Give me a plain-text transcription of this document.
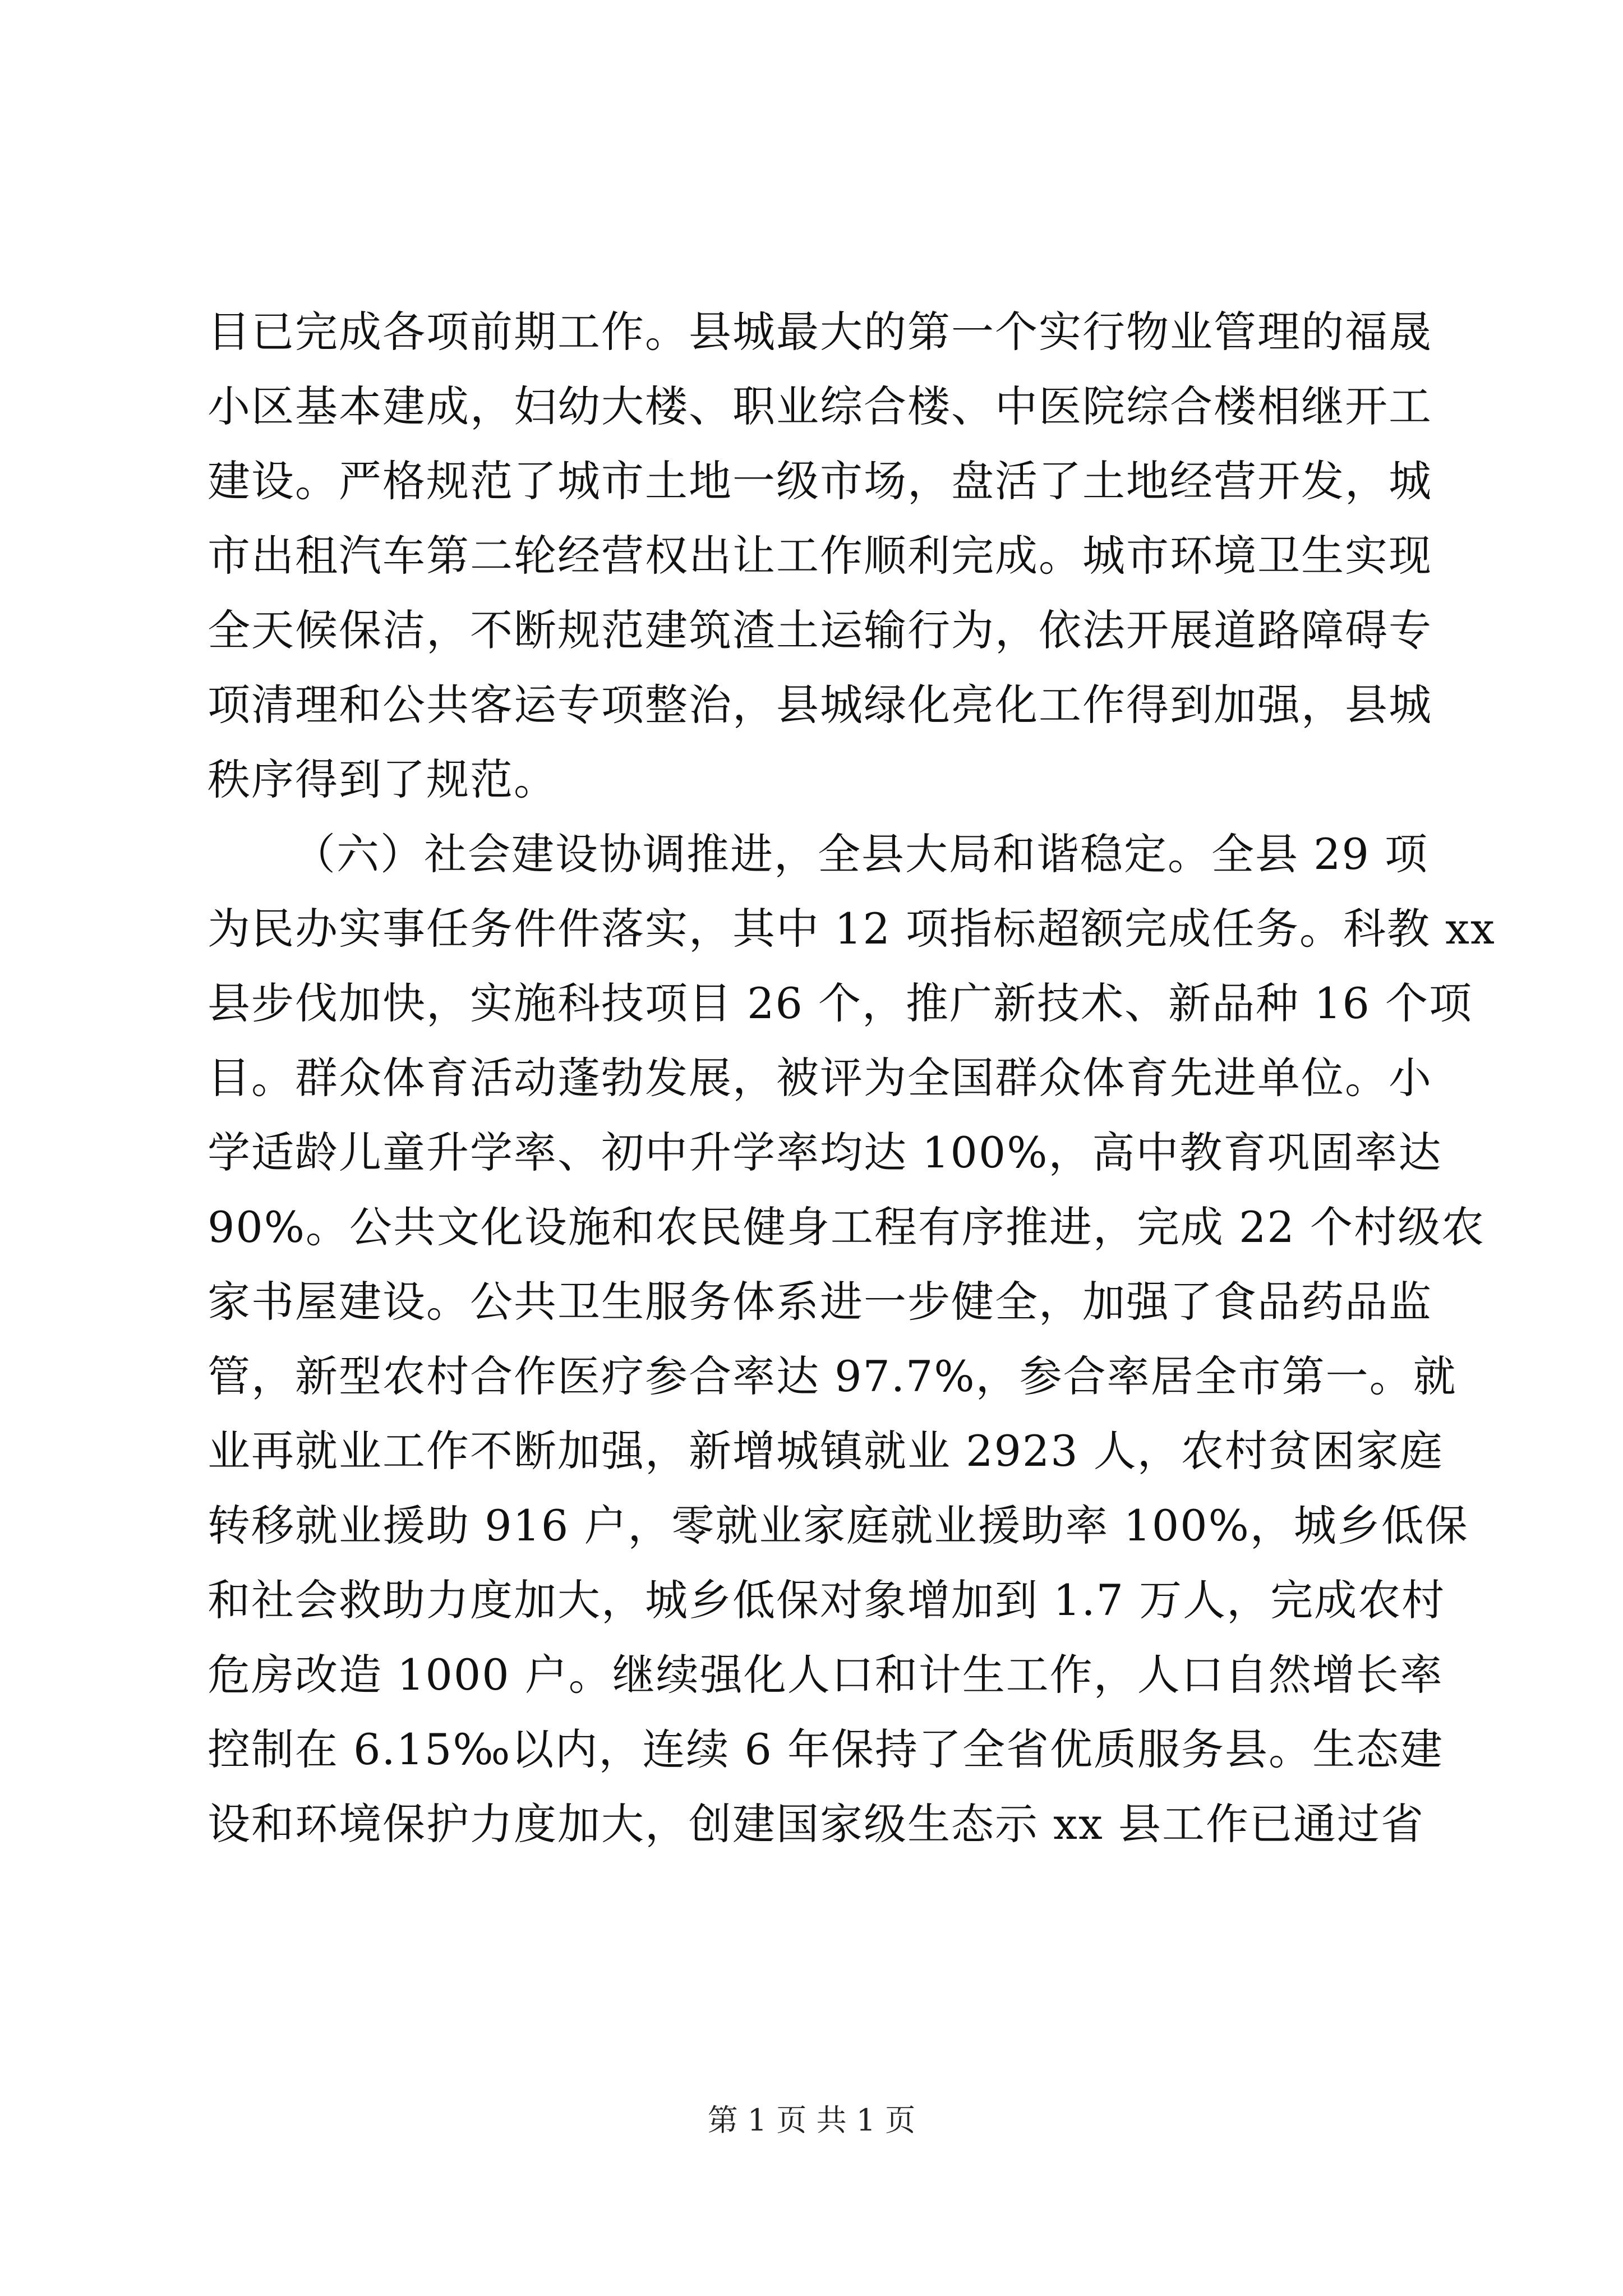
目已完成各项前期工作。县城最大的第一个实行物业管理的福晟
小区基本建成，妇幼大楼、职业综合楼、中医院综合楼相继开工
建设。严格规范了城市土地一级市场，盘活了土地经营开发，城
市出租汽车第二轮经营权出让工作顺利完成。城市环境卫生实现
全天候保洁，不断规范建筑渣土运输行为，依法开展道路障碍专
项清理和公共客运专项整治，县城绿化亮化工作得到加强，县城
秩序得到了规范。
（六）社会建设协调推进，全县大局和谐稳定。全县 29 项
为民办实事任务件件落实，其中 12 项指标超额完成任务。科教 xx
县步伐加快，实施科技项目 26 个，推广新技术、新品种 16 个项
目。群众体育活动蓬勃发展，被评为全国群众体育先进单位。小
学适龄儿童升学率、初中升学率均达 100%，高中教育巩固率达
90%。公共文化设施和农民健身工程有序推进，完成 22 个村级农
家书屋建设。公共卫生服务体系进一步健全，加强了食品药品监
管，新型农村合作医疗参合率达 97.7%，参合率居全市第一。就
业再就业工作不断加强，新增城镇就业 2923 人，农村贫困家庭
转移就业援助 916 户，零就业家庭就业援助率 100%，城乡低保
和社会救助力度加大，城乡低保对象增加到 1.7 万人，完成农村
危房改造 1000 户。继续强化人口和计生工作，人口自然增长率
控制在 6.15‰以内，连续 6 年保持了全省优质服务县。生态建
设和环境保护力度加大，创建国家级生态示 xx 县工作已通过省
第 1 页 共 1 页
